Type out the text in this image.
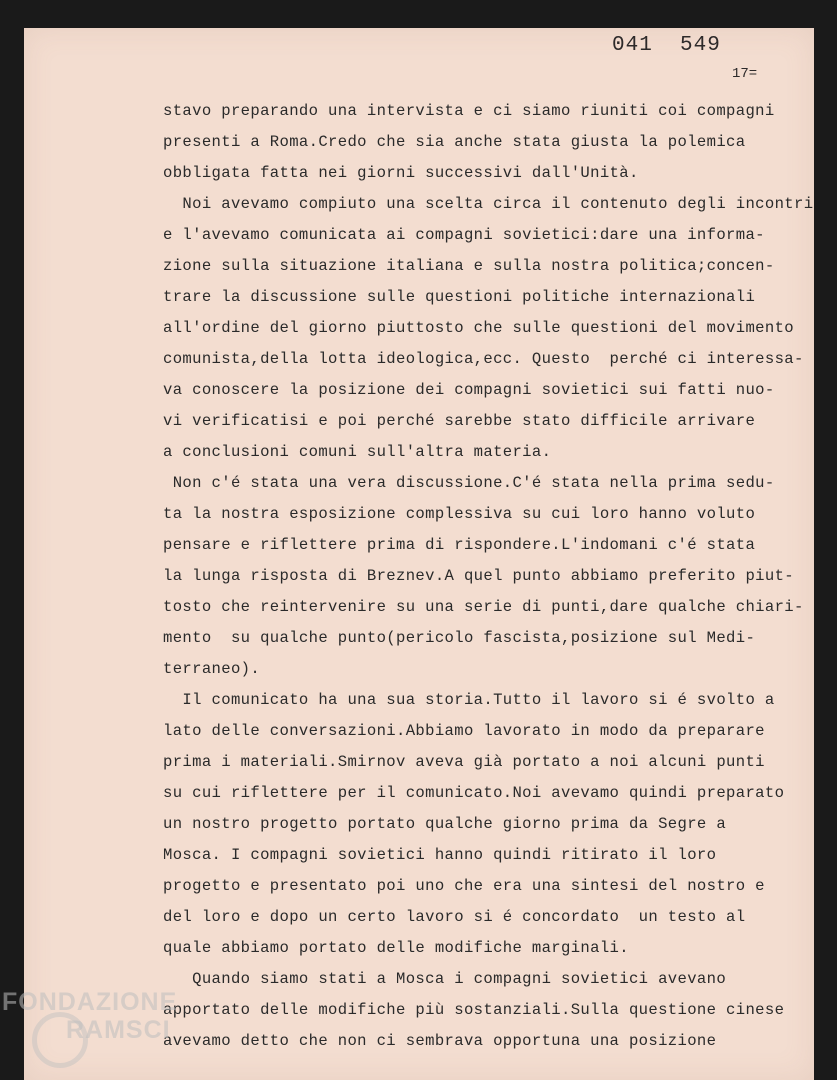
041  549
17=
stavo preparando una intervista e ci siamo riuniti coi compagni
presenti a Roma.Credo che sia anche stata giusta la polemica
obbligata fatta nei giorni successivi dall'Unità.
Noi avevamo compiuto una scelta circa il contenuto degli incontri
e l'avevamo comunicata ai compagni sovietici:dare una informa-
zione sulla situazione italiana e sulla nostra politica;concen-
trare la discussione sulle questioni politiche internazionali
all'ordine del giorno piuttosto che sulle questioni del movimento
comunista,della lotta ideologica,ecc. Questo  perché ci interessa-
va conoscere la posizione dei compagni sovietici sui fatti nuo-
vi verificatisi e poi perché sarebbe stato difficile arrivare
a conclusioni comuni sull'altra materia.
Non c'é stata una vera discussione.C'é stata nella prima sedu-
ta la nostra esposizione complessiva su cui loro hanno voluto
pensare e riflettere prima di rispondere.L'indomani c'é stata
la lunga risposta di Breznev.A quel punto abbiamo preferito piut-
tosto che reintervenire su una serie di punti,dare qualche chiari-
mento  su qualche punto(pericolo fascista,posizione sul Medi-
terraneo).
Il comunicato ha una sua storia.Tutto il lavoro si é svolto a
lato delle conversazioni.Abbiamo lavorato in modo da preparare
prima i materiali.Smirnov aveva già portato a noi alcuni punti
su cui riflettere per il comunicato.Noi avevamo quindi preparato
un nostro progetto portato qualche giorno prima da Segre a
Mosca. I compagni sovietici hanno quindi ritirato il loro
progetto e presentato poi uno che era una sintesi del nostro e
del loro e dopo un certo lavoro si é concordato  un testo al
quale abbiamo portato delle modifiche marginali.
Quando siamo stati a Mosca i compagni sovietici avevano
apportato delle modifiche più sostanziali.Sulla questione cinese
avevamo detto che non ci sembrava opportuna una posizione
FONDAZIONE
RAMSCI
